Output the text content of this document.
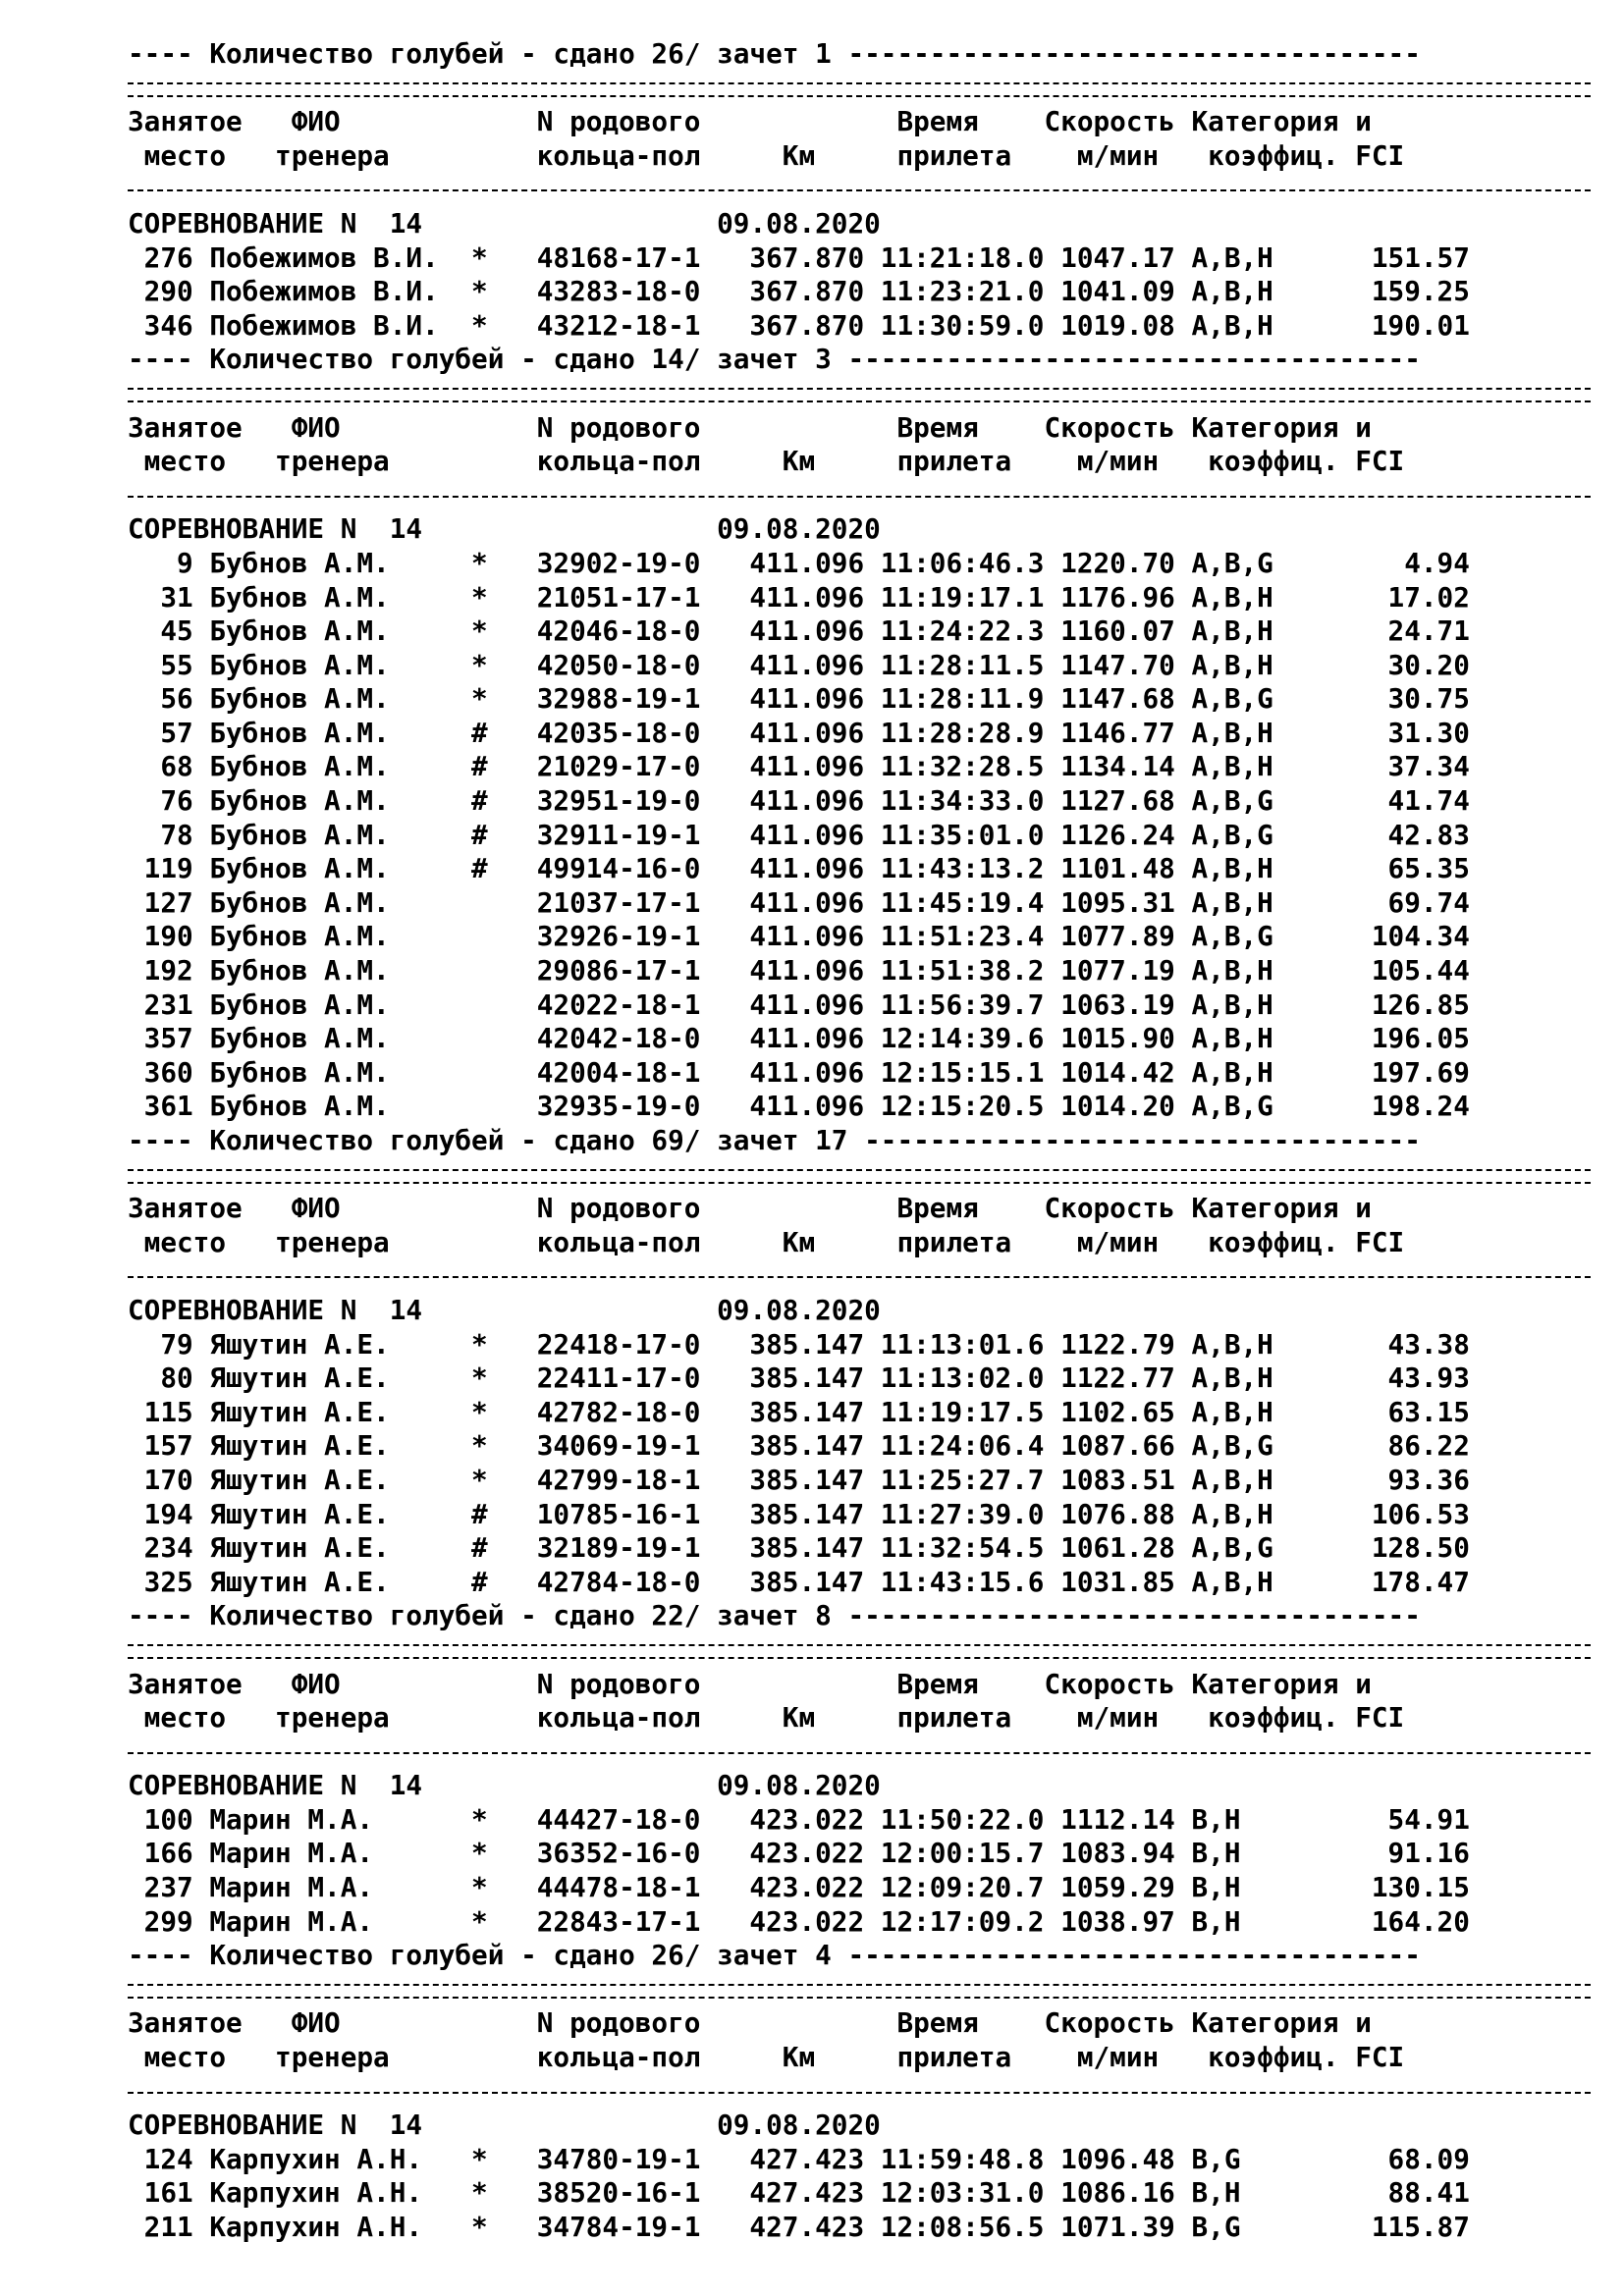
---- Количество голубей - сдано 26/ зачет 1 -----------------------------------
Занятое   ФИО            N родового            Время    Скорость Категория и
место   тренера         кольца-пол     Км     прилета    м/мин   коэффиц. FCI
СОРЕВНОВАНИЕ N  14	09.08.2020
276 Побежимов В.И.  *   48168-17-1   367.870 11:21:18.0 1047.17 A,B,H      151.57
290 Побежимов В.И.  *   43283-18-0   367.870 11:23:21.0 1041.09 A,B,H      159.25
346 Побежимов В.И.  *   43212-18-1   367.870 11:30:59.0 1019.08 A,B,H      190.01
---- Количество голубей - сдано 14/ зачет 3 -----------------------------------
Занятое   ФИО            N родового            Время    Скорость Категория и
место   тренера         кольца-пол     Км     прилета    м/мин   коэффиц. FCI
СОРЕВНОВАНИЕ N  14	09.08.2020
9 Бубнов А.М.     *   32902-19-0   411.096 11:06:46.3 1220.70 A,B,G        4.94
31 Бубнов А.М.     *   21051-17-1   411.096 11:19:17.1 1176.96 A,B,H       17.02
45 Бубнов А.М.     *   42046-18-0   411.096 11:24:22.3 1160.07 A,B,H       24.71
55 Бубнов А.М.     *   42050-18-0   411.096 11:28:11.5 1147.70 A,B,H       30.20
56 Бубнов А.М.     *   32988-19-1   411.096 11:28:11.9 1147.68 A,B,G       30.75
57 Бубнов А.М.     #   42035-18-0   411.096 11:28:28.9 1146.77 A,B,H       31.30
68 Бубнов А.М.     #   21029-17-0   411.096 11:32:28.5 1134.14 A,B,H       37.34
76 Бубнов А.М.     #   32951-19-0   411.096 11:34:33.0 1127.68 A,B,G       41.74
78 Бубнов А.М.     #   32911-19-1   411.096 11:35:01.0 1126.24 A,B,G       42.83
119 Бубнов А.М.     #   49914-16-0   411.096 11:43:13.2 1101.48 A,B,H       65.35
127 Бубнов А.М.         21037-17-1   411.096 11:45:19.4 1095.31 A,B,H       69.74
190 Бубнов А.М.         32926-19-1   411.096 11:51:23.4 1077.89 A,B,G      104.34
192 Бубнов А.М.         29086-17-1   411.096 11:51:38.2 1077.19 A,B,H      105.44
231 Бубнов А.М.         42022-18-1   411.096 11:56:39.7 1063.19 A,B,H      126.85
357 Бубнов А.М.         42042-18-0   411.096 12:14:39.6 1015.90 A,B,H      196.05
360 Бубнов А.М.         42004-18-1   411.096 12:15:15.1 1014.42 A,B,H      197.69
361 Бубнов А.М.         32935-19-0   411.096 12:15:20.5 1014.20 A,B,G      198.24
---- Количество голубей - сдано 69/ зачет 17 ----------------------------------
Занятое   ФИО            N родового            Время    Скорость Категория и
место   тренера         кольца-пол     Км     прилета    м/мин   коэффиц. FCI
СОРЕВНОВАНИЕ N  14	09.08.2020
79 Яшутин А.Е.     *   22418-17-0   385.147 11:13:01.6 1122.79 A,B,H       43.38
80 Яшутин А.Е.     *   22411-17-0   385.147 11:13:02.0 1122.77 A,B,H       43.93
115 Яшутин А.Е.     *   42782-18-0   385.147 11:19:17.5 1102.65 A,B,H       63.15
157 Яшутин А.Е.     *   34069-19-1   385.147 11:24:06.4 1087.66 A,B,G       86.22
170 Яшутин А.Е.     *   42799-18-1   385.147 11:25:27.7 1083.51 A,B,H       93.36
194 Яшутин А.Е.     #   10785-16-1   385.147 11:27:39.0 1076.88 A,B,H      106.53
234 Яшутин А.Е.     #   32189-19-1   385.147 11:32:54.5 1061.28 A,B,G      128.50
325 Яшутин А.Е.     #   42784-18-0   385.147 11:43:15.6 1031.85 A,B,H      178.47
---- Количество голубей - сдано 22/ зачет 8 -----------------------------------
Занятое   ФИО            N родового            Время    Скорость Категория и
место   тренера         кольца-пол     Км     прилета    м/мин   коэффиц. FCI
СОРЕВНОВАНИЕ N  14	09.08.2020
100 Марин М.А.      *   44427-18-0   423.022 11:50:22.0 1112.14 B,H         54.91
166 Марин М.А.      *   36352-16-0   423.022 12:00:15.7 1083.94 B,H         91.16
237 Марин М.А.      *   44478-18-1   423.022 12:09:20.7 1059.29 B,H        130.15
299 Марин М.А.      *   22843-17-1   423.022 12:17:09.2 1038.97 B,H        164.20
---- Количество голубей - сдано 26/ зачет 4 -----------------------------------
Занятое   ФИО            N родового            Время    Скорость Категория и
место   тренера         кольца-пол     Км     прилета    м/мин   коэффиц. FCI
СОРЕВНОВАНИЕ N  14	09.08.2020
124 Карпухин А.Н.   *   34780-19-1   427.423 11:59:48.8 1096.48 B,G         68.09
161 Карпухин А.Н.   *   38520-16-1   427.423 12:03:31.0 1086.16 B,H         88.41
211 Карпухин А.Н.   *   34784-19-1   427.423 12:08:56.5 1071.39 B,G        115.87
